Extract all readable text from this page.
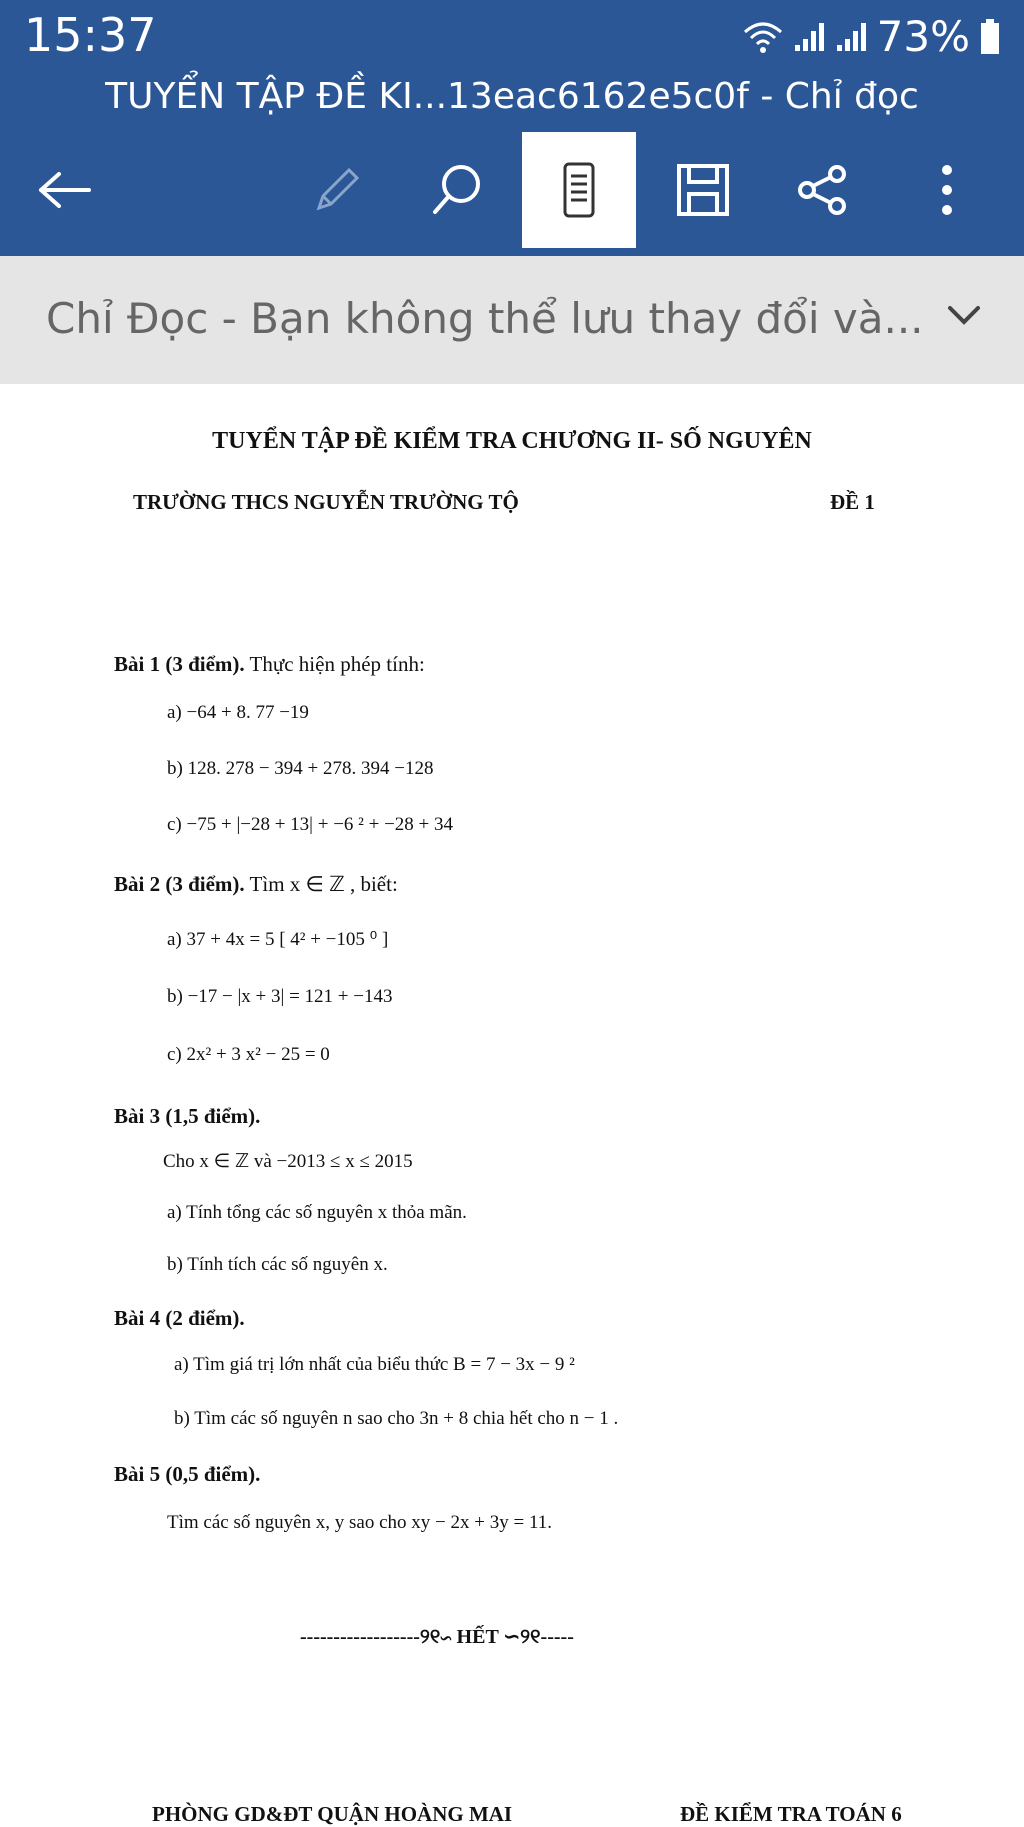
15:37	73%
TUYỂN TẬP ĐỀ KI...13eac6162e5c0f - Chỉ đọc
Chỉ Đọc - Bạn không thể lưu thay đổi và...
TUYỂN TẬP ĐỀ KIỂM TRA CHƯƠNG II- SỐ NGUYÊN
TRƯỜNG THCS NGUYỄN TRƯỜNG TỘ	ĐỀ 1
Bài 1 (3 điểm). Thực hiện phép tính:
a) −64 + 8. 77 −19
b) 128. 278 − 394 + 278. 394 −128
c) −75 + |−28 + 13| + −6 ² + −28 + 34
Bài 2 (3 điểm). Tìm x ∈ ℤ , biết:
a) 37 + 4x = 5 [ 4² + −105 ⁰ ]
b) −17 − |x + 3| = 121 + −143
c) 2x² + 3 x² − 25 = 0
Bài 3 (1,5 điểm).
Cho x ∈ ℤ và −2013 ≤ x ≤ 2015
a) Tính tổng các số nguyên x thỏa mãn.
b) Tính tích các số nguyên x.
Bài 4 (2 điểm).
a) Tìm giá trị lớn nhất của biểu thức B = 7 − 3x − 9 ²
b) Tìm các số nguyên n sao cho 3n + 8 chia hết cho n − 1 .
Bài 5 (0,5 điểm).
Tìm các số nguyên x, y sao cho xy − 2x + 3y = 11.
------------------୨୧∽ HẾT ∽୨୧-----
PHÒNG GD&ĐT QUẬN HOÀNG MAI	ĐỀ KIỂM TRA TOÁN 6
